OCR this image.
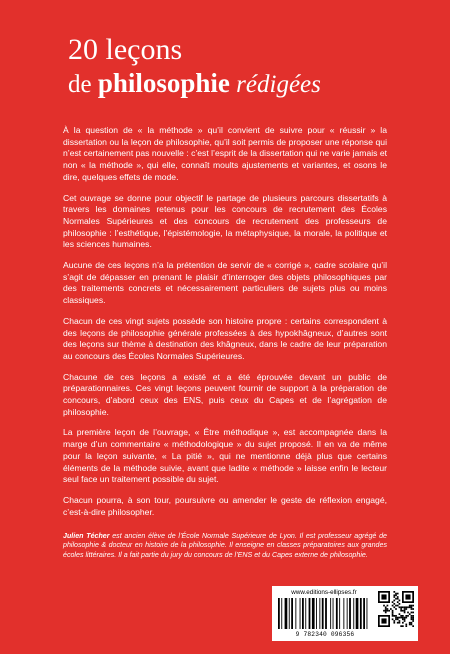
20 leçons
de philosophie rédigées

À la question de « la méthode » qu’il convient de suivre pour « réussir » la dissertation ou la leçon de philosophie, qu’il soit permis de proposer une réponse qui n’est certainement pas nouvelle : c’est l’esprit de la dissertation qui ne varie jamais et non « la méthode », qui elle, connaît moults ajustements et variantes, et osons le dire, quelques effets de mode.

Cet ouvrage se donne pour objectif le partage de plusieurs parcours dissertatifs à travers les domaines retenus pour les concours de recrutement des Écoles Normales Supérieures et des concours de recrutement des professeurs de philosophie : l’esthétique, l’épistémologie, la métaphysique, la morale, la politique et les sciences humaines.

Aucune de ces leçons n’a la prétention de servir de « corrigé », cadre scolaire qu’il s’agit de dépasser en prenant le plaisir d’interroger des objets philosophiques par des traitements concrets et nécessairement particuliers de sujets plus ou moins classiques.

Chacun de ces vingt sujets possède son histoire propre : certains correspondent à des leçons de philosophie générale professées à des hypokhâgneux, d’autres sont des leçons sur thème à destination des khâgneux, dans le cadre de leur préparation au concours des Écoles Normales Supérieures.

Chacune de ces leçons a existé et a été éprouvée devant un public de préparationnaires. Ces vingt leçons peuvent fournir de support à la préparation de concours, d’abord ceux des ENS, puis ceux du Capes et de l’agrégation de philosophie.

La première leçon de l’ouvrage, « Être méthodique », est accompagnée dans la marge d’un commentaire « méthodologique » du sujet proposé. Il en va de même pour la leçon suivante, « La pitié », qui ne mentionne déjà plus que certains éléments de la méthode suivie, avant que ladite « méthode » laisse enfin le lecteur seul face un traitement possible du sujet.

Chacun pourra, à son tour, poursuivre ou amender le geste de réflexion engagé, c’est-à-dire philosopher.

Julien Técher est ancien élève de l’École Normale Supérieure de Lyon. Il est professeur agrégé de philosophie & docteur en histoire de la philosophie. Il enseigne en classes préparatoires aux grandes écoles littéraires. Il a fait partie du jury du concours de l’ENS et du Capes externe de philosophie.
www.editions-ellipses.fr
9 782340 096356
